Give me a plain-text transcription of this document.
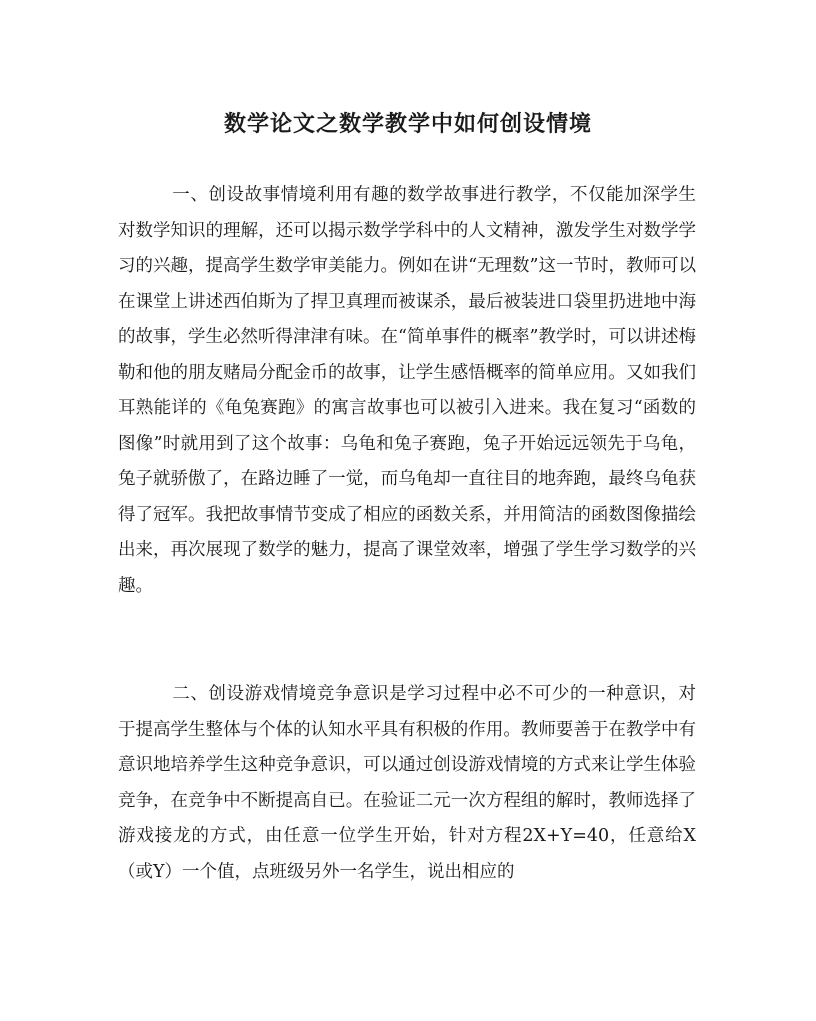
数学论文之数学教学中如何创设情境

一、创设故事情境利用有趣的数学故事进行教学，不仅能加深学生对数学知识的理解，还可以揭示数学学科中的人文精神，激发学生对数学学习的兴趣，提高学生数学审美能力。例如在讲“无理数”这一节时，教师可以在课堂上讲述西伯斯为了捍卫真理而被谋杀，最后被装进口袋里扔进地中海的故事，学生必然听得津津有味。在“简单事件的概率”教学时，可以讲述梅勒和他的朋友赌局分配金币的故事，让学生感悟概率的简单应用。又如我们耳熟能详的《龟兔赛跑》的寓言故事也可以被引入进来。我在复习“函数的图像”时就用到了这个故事：乌龟和兔子赛跑，兔子开始远远领先于乌龟，兔子就骄傲了，在路边睡了一觉，而乌龟却一直往目的地奔跑，最终乌龟获得了冠军。我把故事情节变成了相应的函数关系，并用简洁的函数图像描绘出来，再次展现了数学的魅力，提高了课堂效率，增强了学生学习数学的兴趣。

二、创设游戏情境竞争意识是学习过程中必不可少的一种意识，对于提高学生整体与个体的认知水平具有积极的作用。教师要善于在教学中有意识地培养学生这种竞争意识，可以通过创设游戏情境的方式来让学生体验竞争，在竞争中不断提高自已。在验证二元一次方程组的解时，教师选择了游戏接龙的方式，由任意一位学生开始，针对方程2X+Y=40，任意给X（或Y）一个值，点班级另外一名学生，说出相应的
